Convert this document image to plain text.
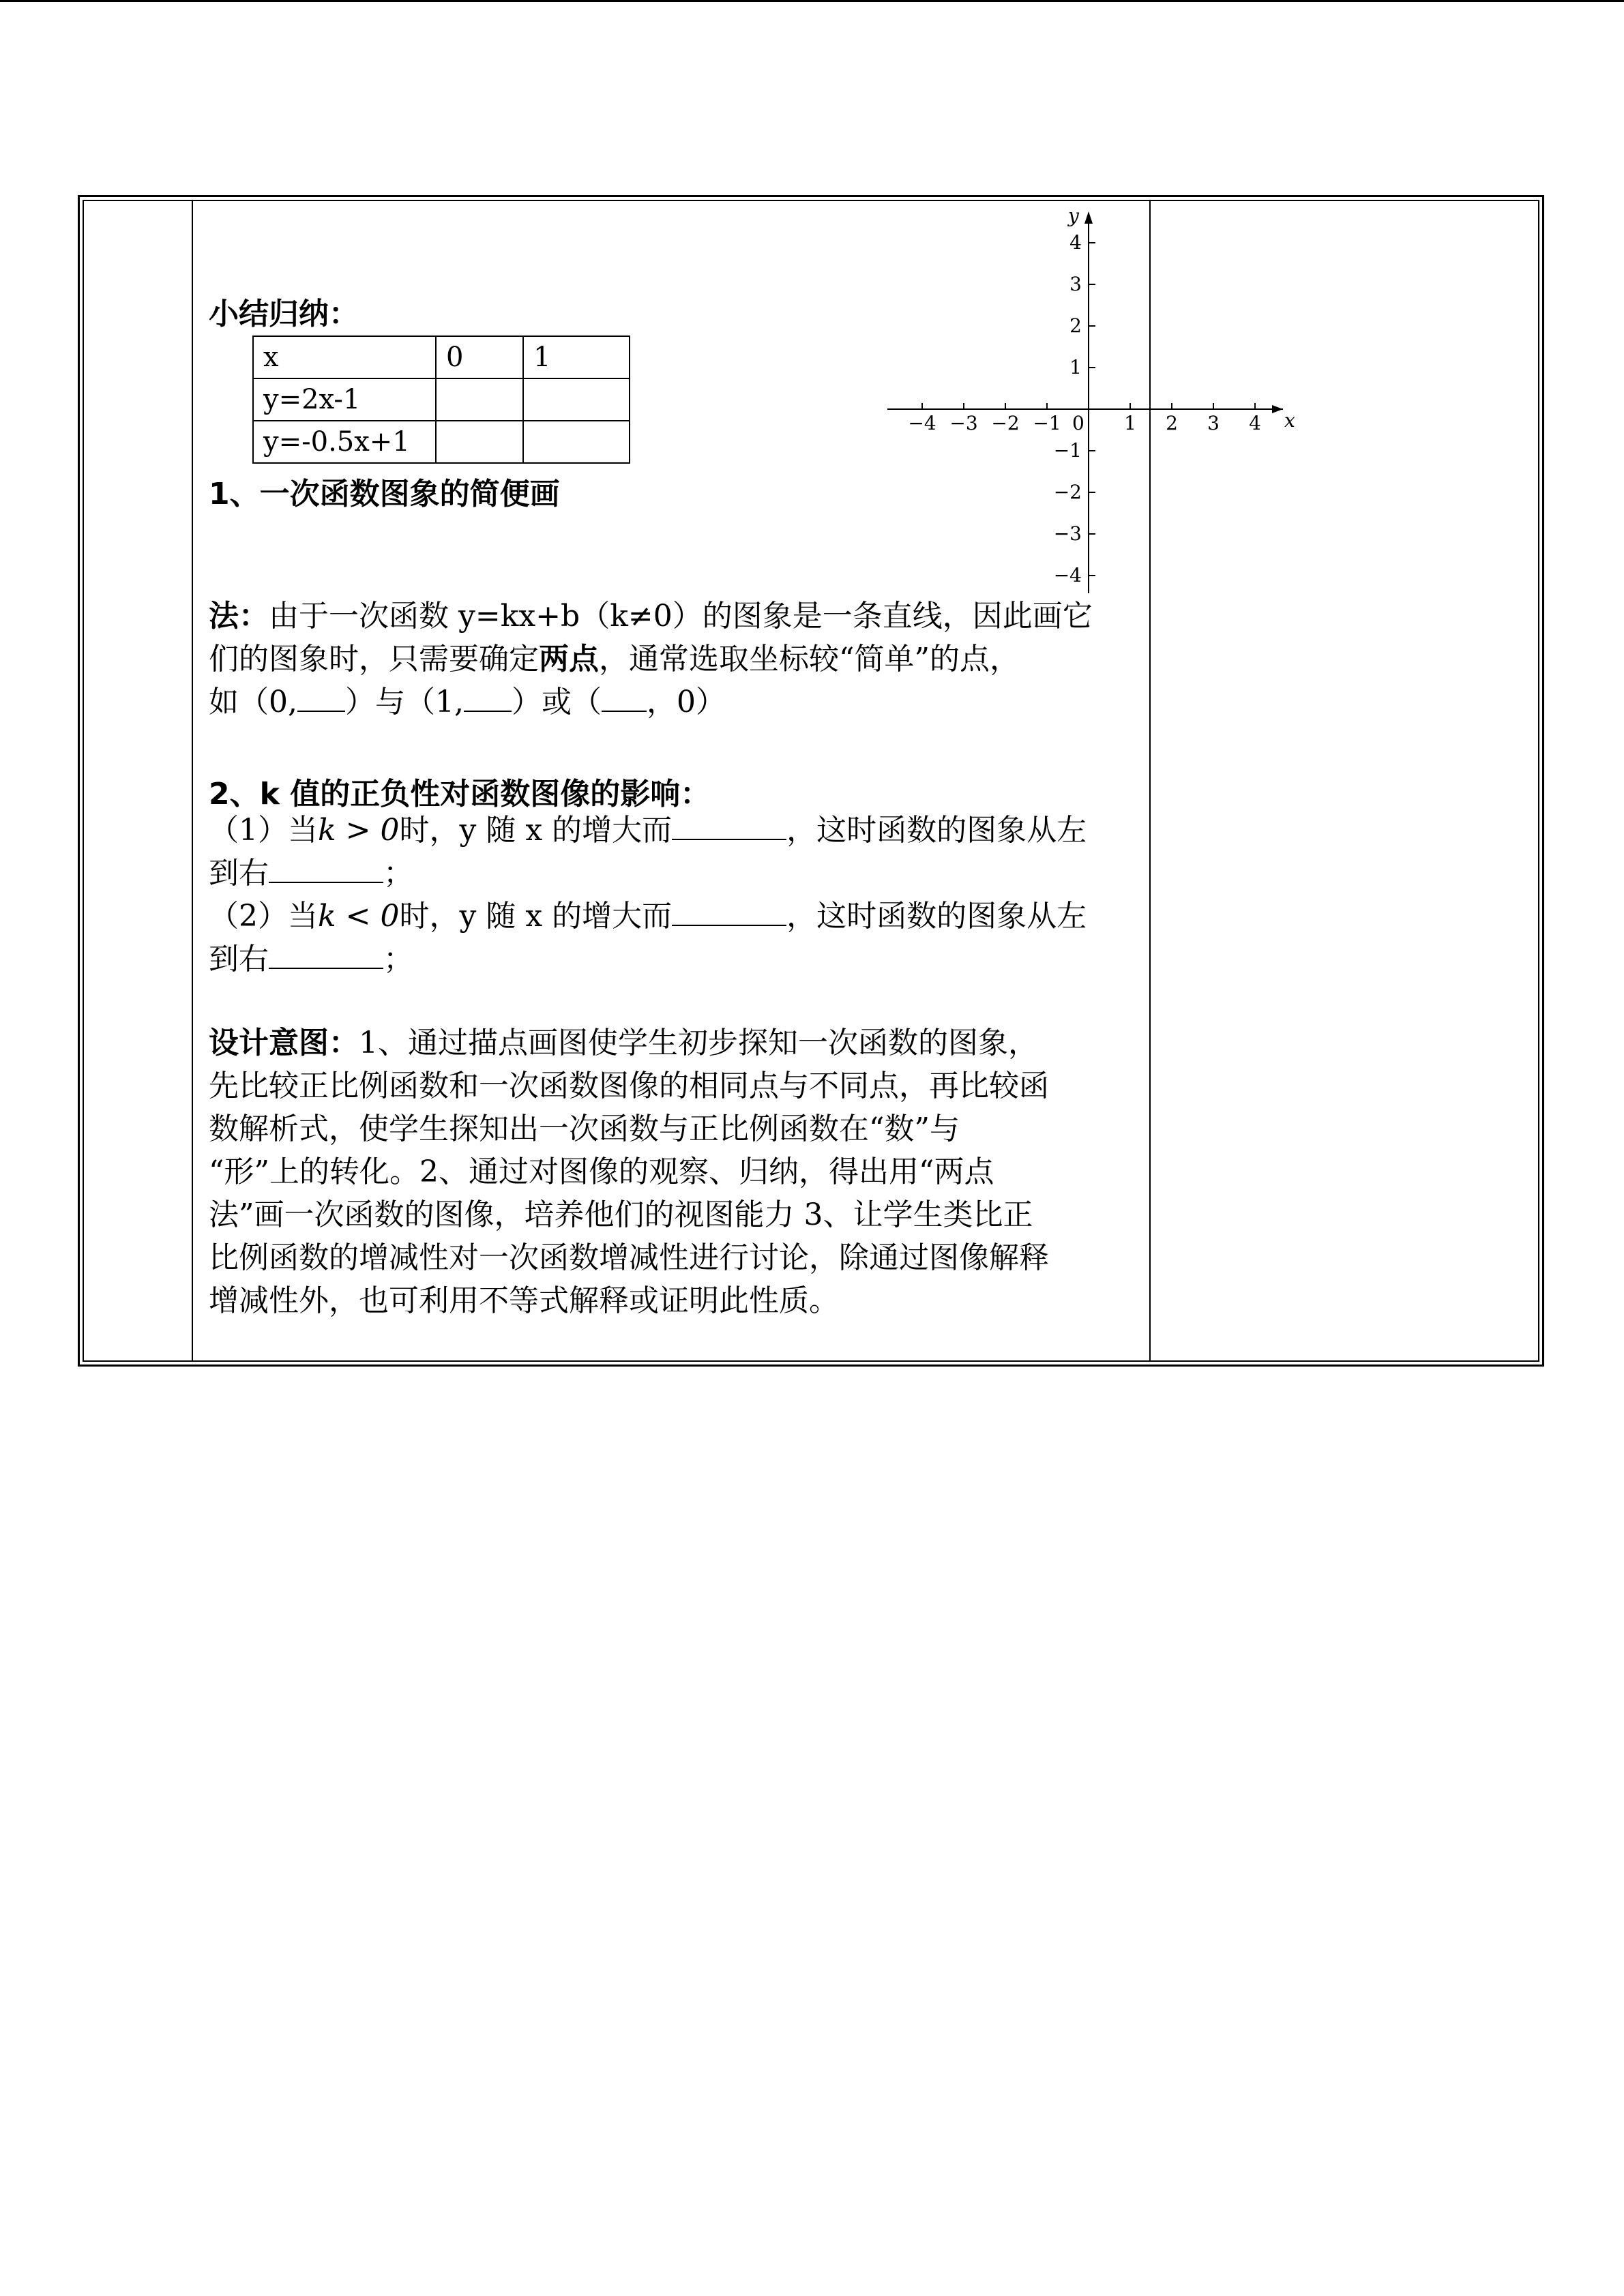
小结归纳：
x	0	1
y=2x-1		
y=-0.5x+1		
x
y
0
−4 −3 −2 −1	1 2 3 4
4
3
2
1
−1
−2
−3
−4
1、一次函数图象的简便画
法：由于一次函数 y=kx+b（k≠0）的图象是一条直线，因此画它
们的图象时，只需要确定两点，通常选取坐标较“简单”的点，
如（0, ）与（1, ）或（ ，0）
2、k 值的正负性对函数图像的影响：
（1）当k > 0时，y 随 x 的增大而	，这时函数的图象从左
到右	；
（2）当k < 0时，y 随 x 的增大而	，这时函数的图象从左
到右	；
设计意图：1、通过描点画图使学生初步探知一次函数的图象，
先比较正比例函数和一次函数图像的相同点与不同点，再比较函
数解析式，使学生探知出一次函数与正比例函数在“数”与
“形”上的转化。2、通过对图像的观察、归纳，得出用“两点
法”画一次函数的图像，培养他们的视图能力 3、让学生类比正
比例函数的增减性对一次函数增减性进行讨论，除通过图像解释
增减性外，也可利用不等式解释或证明此性质。
